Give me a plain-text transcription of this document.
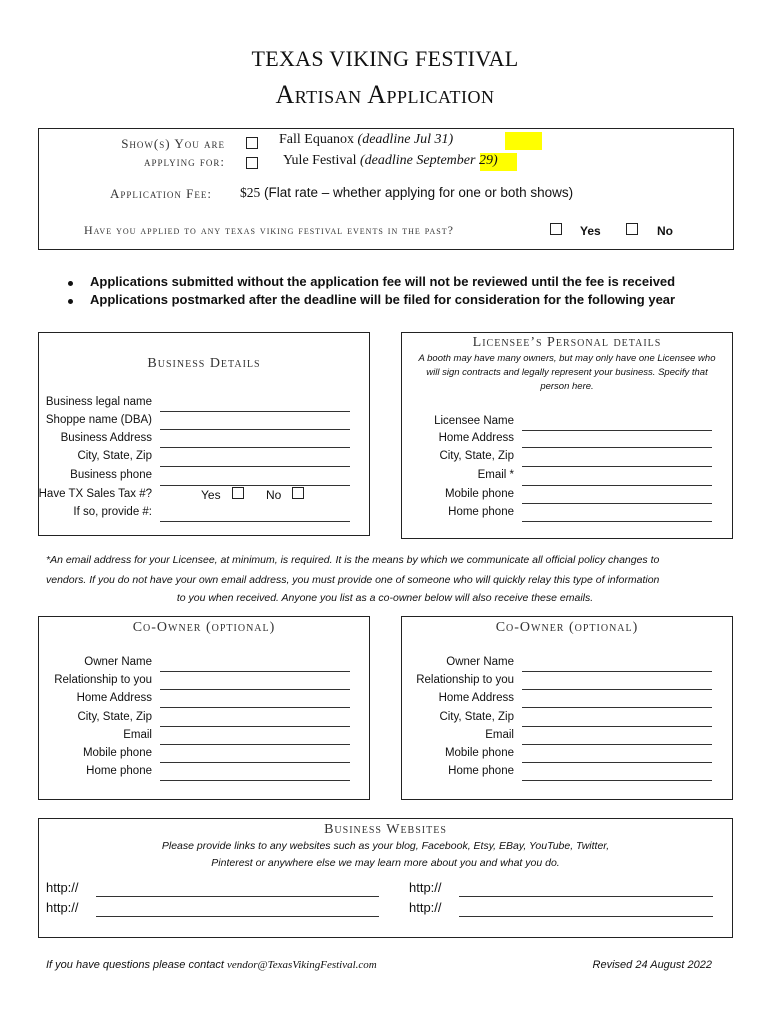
TEXAS VIKING FESTIVAL
Artisan Application
Show(s) You are
applying for:
Fall Equanox (deadline Jul 31)
Yule Festival (deadline September 29)
Application Fee: $25 (Flat rate – whether applying for one or both shows)
Have you applied to any texas viking festival events in the past?	Yes	No
Applications submitted without the application fee will not be reviewed until the fee is received
Applications postmarked after the deadline will be filed for consideration for the following year
Business Details
Business legal name
Shoppe name (DBA)
Business Address
City, State, Zip
Business phone
Have TX Sales Tax #?	Yes	No
If so, provide #:
Licensee’s Personal details
A booth may have many owners, but may only have one Licensee who will sign contracts and legally represent your business. Specify that person here.
Licensee Name
Home Address
City, State, Zip
Email *
Mobile phone
Home phone
*An email address for your Licensee, at minimum, is required. It is the means by which we communicate all official policy changes to
vendors. If you do not have your own email address, you must provide one of someone who will quickly relay this type of information
to you when received. Anyone you list as a co-owner below will also receive these emails.
Co-Owner (optional)
Owner Name
Relationship to you
Home Address
City, State, Zip
Email
Mobile phone
Home phone
Co-Owner (optional)
Owner Name
Relationship to you
Home Address
City, State, Zip
Email
Mobile phone
Home phone
Business Websites
Please provide links to any websites such as your blog, Facebook, Etsy, EBay, YouTube, Twitter,
Pinterest or anywhere else we may learn more about you and what you do.
http://
http://
http://
http://
If you have questions please contact vendor@TexasVikingFestival.com	Revised 24 August 2022
